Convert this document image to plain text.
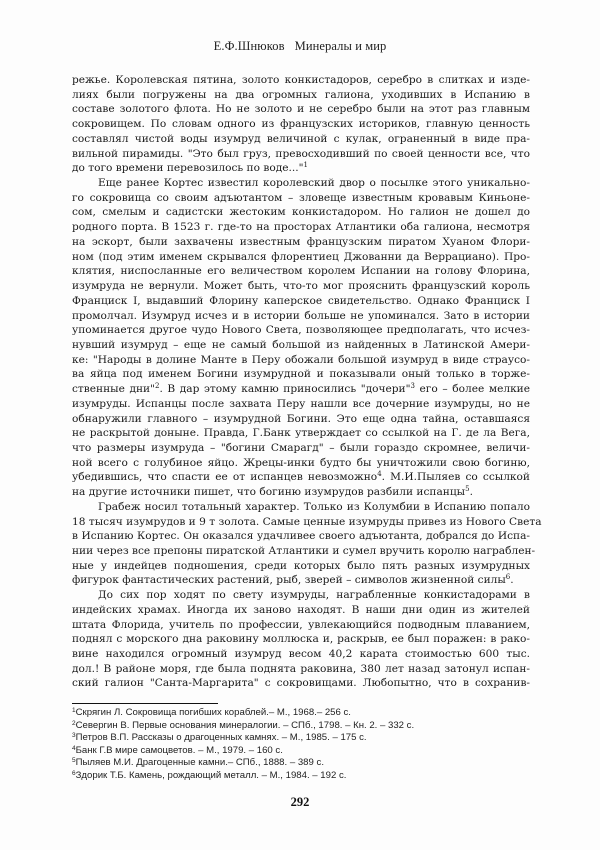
Е.Ф.Шнюков Минералы и мир
режье. Королевская пятина, золото конкистадоров, серебро в слитках и изде-
лиях были погружены на два огромных галиона, уходивших в Испанию в
составе золотого флота. Но не золото и не серебро были на этот раз главным
сокровищем. По словам одного из французских историков, главную ценность
составлял чистой воды изумруд величиной с кулак, ограненный в виде пра-
вильной пирамиды. "Это был груз, превосходивший по своей ценности все, что
до того времени перевозилось по воде..."$^1$
Еще ранее Кортес известил королевский двор о посылке этого уникально-
го сокровища со своим адъютантом – зловеще известным кровавым Киньоне-
сом, смелым и садистски жестоким конкистадором. Но галион не дошел до
родного порта. В 1523 г. где-то на просторах Атлантики оба галиона, несмотря
на эскорт, были захвачены известным французским пиратом Хуаном Флори-
ном (под этим именем скрывался флорентиец Джованни да Веррациано). Про-
клятия, ниспосланные его величеством королем Испании на голову Флорина,
изумруда не вернули. Может быть, что-то мог прояснить французский король
Франциск I, выдавший Флорину каперское свидетельство. Однако Франциск I
промолчал. Изумруд исчез и в истории больше не упоминался. Зато в истории
упоминается другое чудо Нового Света, позволяющее предполагать, что исчез-
нувший изумруд – еще не самый большой из найденных в Латинской Амери-
ке: "Народы в долине Манте в Перу обожали большой изумруд в виде страусо-
ва яйца под именем Богини изумрудной и показывали оный только в торже-
ственные дни"$^2$. В дар этому камню приносились "дочери"$^3$ его – более мелкие
изумруды. Испанцы после захвата Перу нашли все дочерние изумруды, но не
обнаружили главного – изумрудной Богини. Это еще одна тайна, оставшаяся
не раскрытой доныне. Правда, Г.Банк утверждает со ссылкой на Г. де ла Вега,
что размеры изумруда – "богини Смарагд" – были гораздо скромнее, величи-
ной всего с голубиное яйцо. Жрецы-инки будто бы уничтожили свою богиню,
убедившись, что спасти ее от испанцев невозможно$^4$. М.И.Пыляев со ссылкой
на другие источники пишет, что богиню изумрудов разбили испанцы$^5$.
Грабеж носил тотальный характер. Только из Колумбии в Испанию попало
18 тысяч изумрудов и 9 т золота. Самые ценные изумруды привез из Нового Света
в Испанию Кортес. Он оказался удачливее своего адъютанта, добрался до Испа-
нии через все препоны пиратской Атлантики и сумел вручить королю награблен-
ные у индейцев подношения, среди которых было пять разных изумрудных
фигурок фантастических растений, рыб, зверей – символов жизненной силы$^6$.
До сих пор ходят по свету изумруды, награбленные конкистадорами в
индейских храмах. Иногда их заново находят. В наши дни один из жителей
штата Флорида, учитель по профессии, увлекающийся подводным плаванием,
поднял с морского дна раковину моллюска и, раскрыв, ее был поражен: в рако-
вине находился огромный изумруд весом 40,2 карата стоимостью 600 тыс.
дол.! В районе моря, где была поднята раковина, 380 лет назад затонул испан-
ский галион "Санта-Маргарита" с сокровищами. Любопытно, что в сохранив-
$^1$Скрягин Л. Сокровища погибших кораблей.– М., 1968.– 256 с.
$^2$Севергин В. Первые основания минералогии. – СПб., 1798. – Кн. 2. – 332 с.
$^3$Петров В.П. Рассказы о драгоценных камнях. – М., 1985. – 175 с.
$^4$Банк Г.В мире самоцветов. – М., 1979. – 160 с.
$^5$Пыляев М.И. Драгоценные камни.– СПб., 1888. – 389 с.
$^6$Здорик Т.Б. Камень, рождающий металл. – М., 1984. – 192 с.
292
